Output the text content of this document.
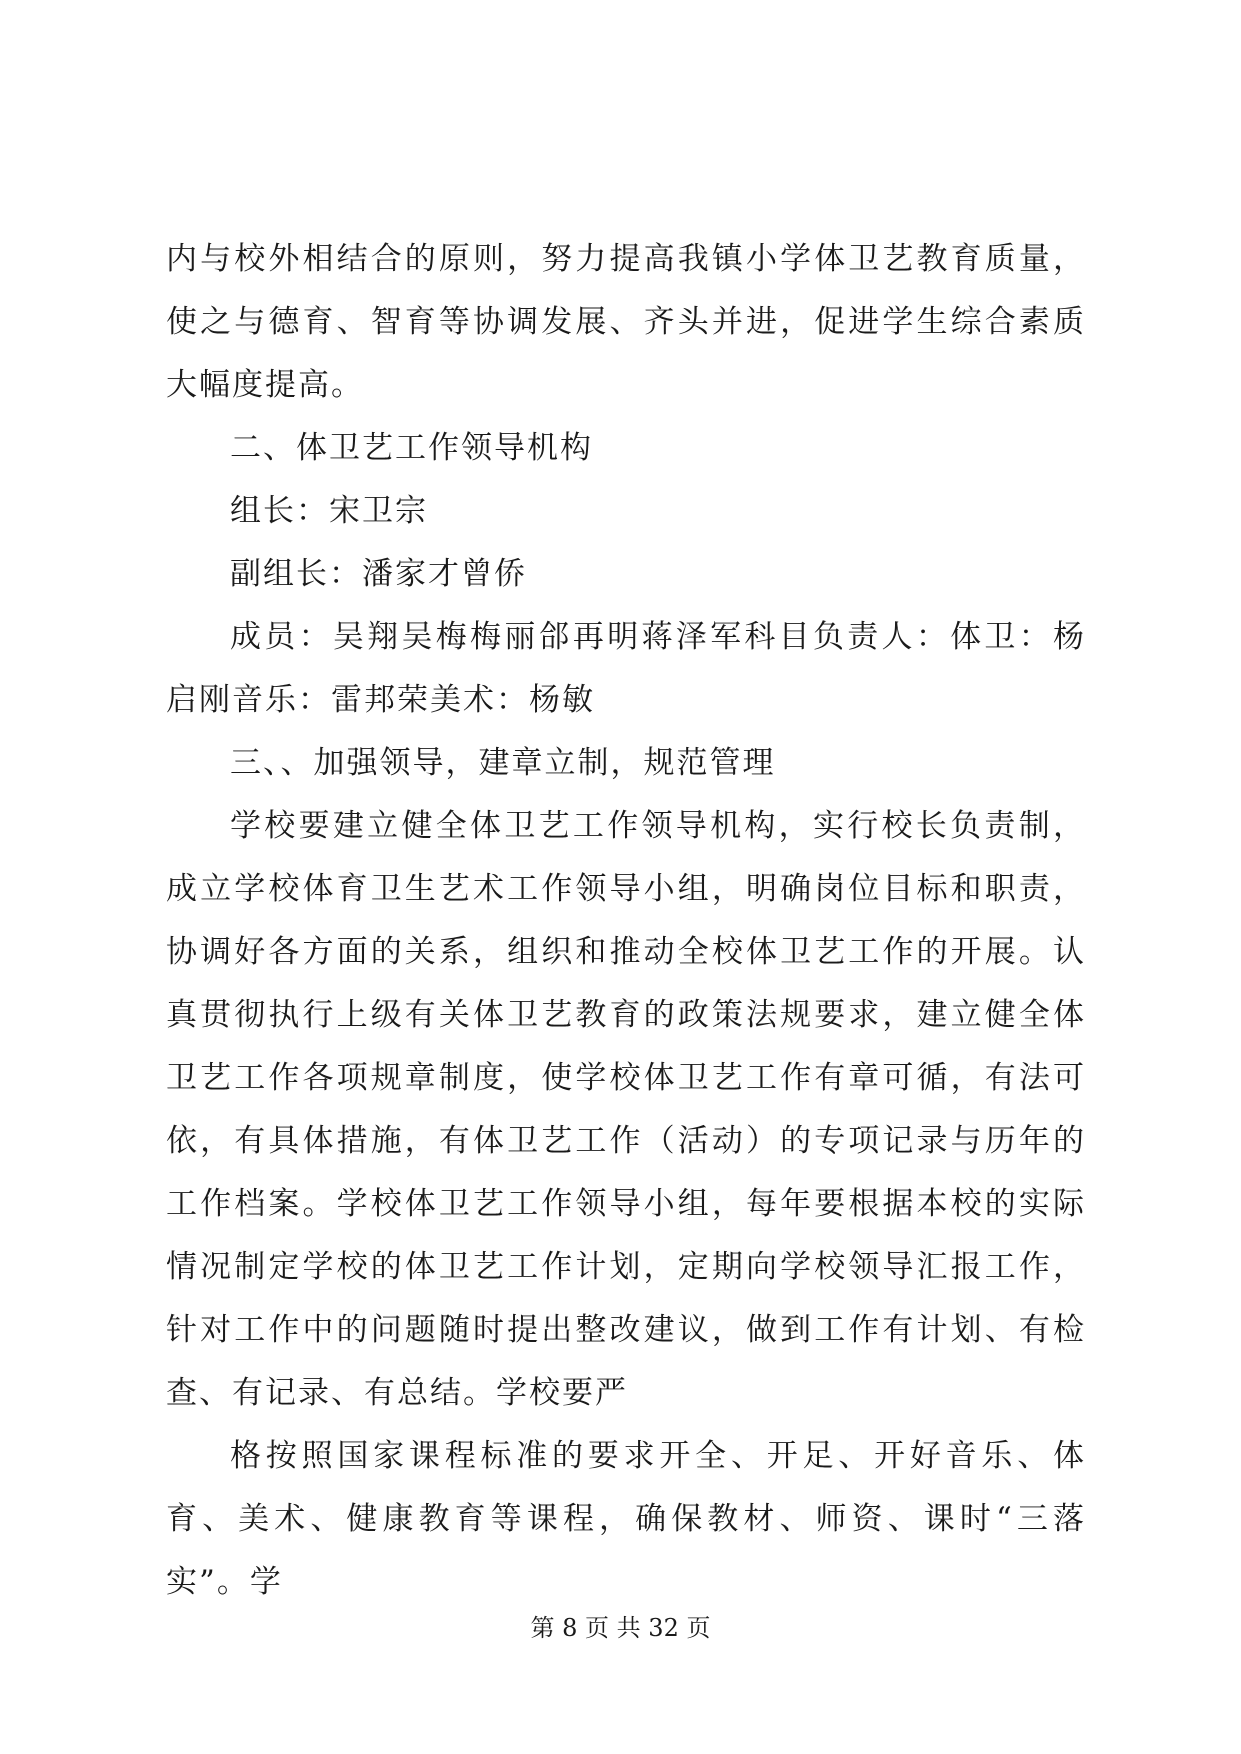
内与校外相结合的原则，努力提高我镇小学体卫艺教育质量，使之与德育、智育等协调发展、齐头并进，促进学生综合素质大幅度提高。

二、体卫艺工作领导机构

组长：宋卫宗

副组长：潘家才曾侨

成员：吴翔吴梅梅丽郃再明蒋泽军科目负责人：体卫：杨启刚音乐：雷邦荣美术：杨敏

三、、加强领导，建章立制，规范管理

学校要建立健全体卫艺工作领导机构，实行校长负责制，成立学校体育卫生艺术工作领导小组，明确岗位目标和职责，协调好各方面的关系，组织和推动全校体卫艺工作的开展。认真贯彻执行上级有关体卫艺教育的政策法规要求，建立健全体卫艺工作各项规章制度，使学校体卫艺工作有章可循，有法可依，有具体措施，有体卫艺工作（活动）的专项记录与历年的工作档案。学校体卫艺工作领导小组，每年要根据本校的实际情况制定学校的体卫艺工作计划，定期向学校领导汇报工作，针对工作中的问题随时提出整改建议，做到工作有计划、有检查、有记录、有总结。学校要严

格按照国家课程标准的要求开全、开足、开好音乐、体育、美术、健康教育等课程，确保教材、师资、课时“三落实”。学

第 8 页 共 32 页
